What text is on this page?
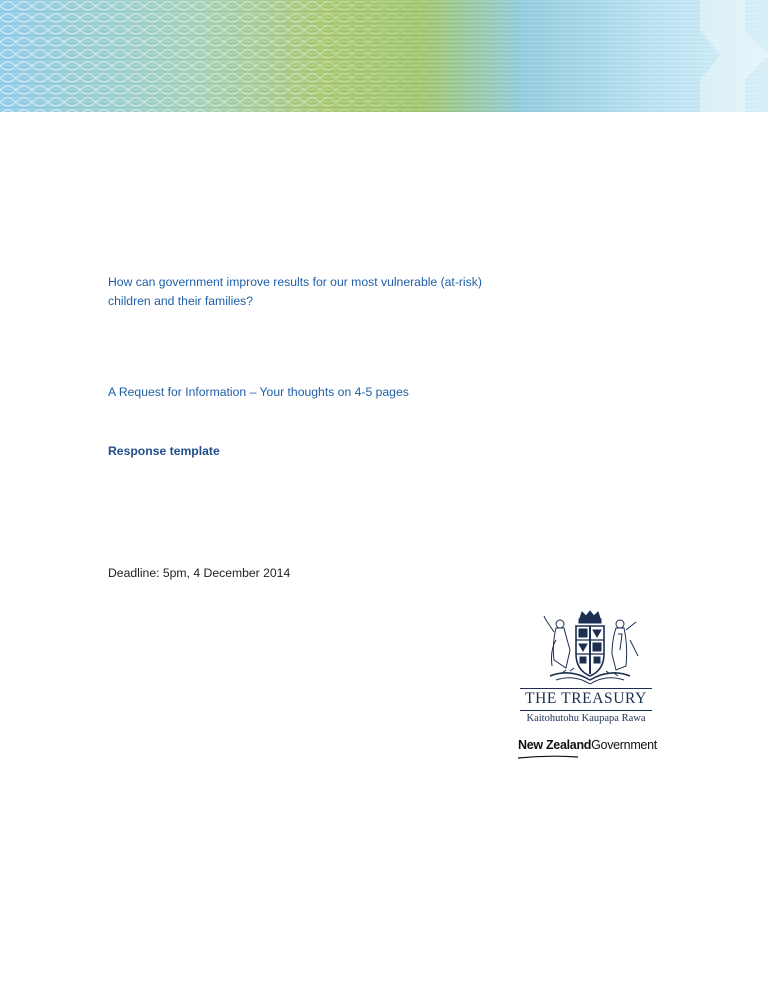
How can government improve results for our most vulnerable (at-risk) children and their families?
A Request for Information – Your thoughts on 4-5 pages
Response template
Deadline: 5pm, 4 December 2014
THE TREASURY
Kaitohutohu Kaupapa Rawa
New ZealandGovernment
